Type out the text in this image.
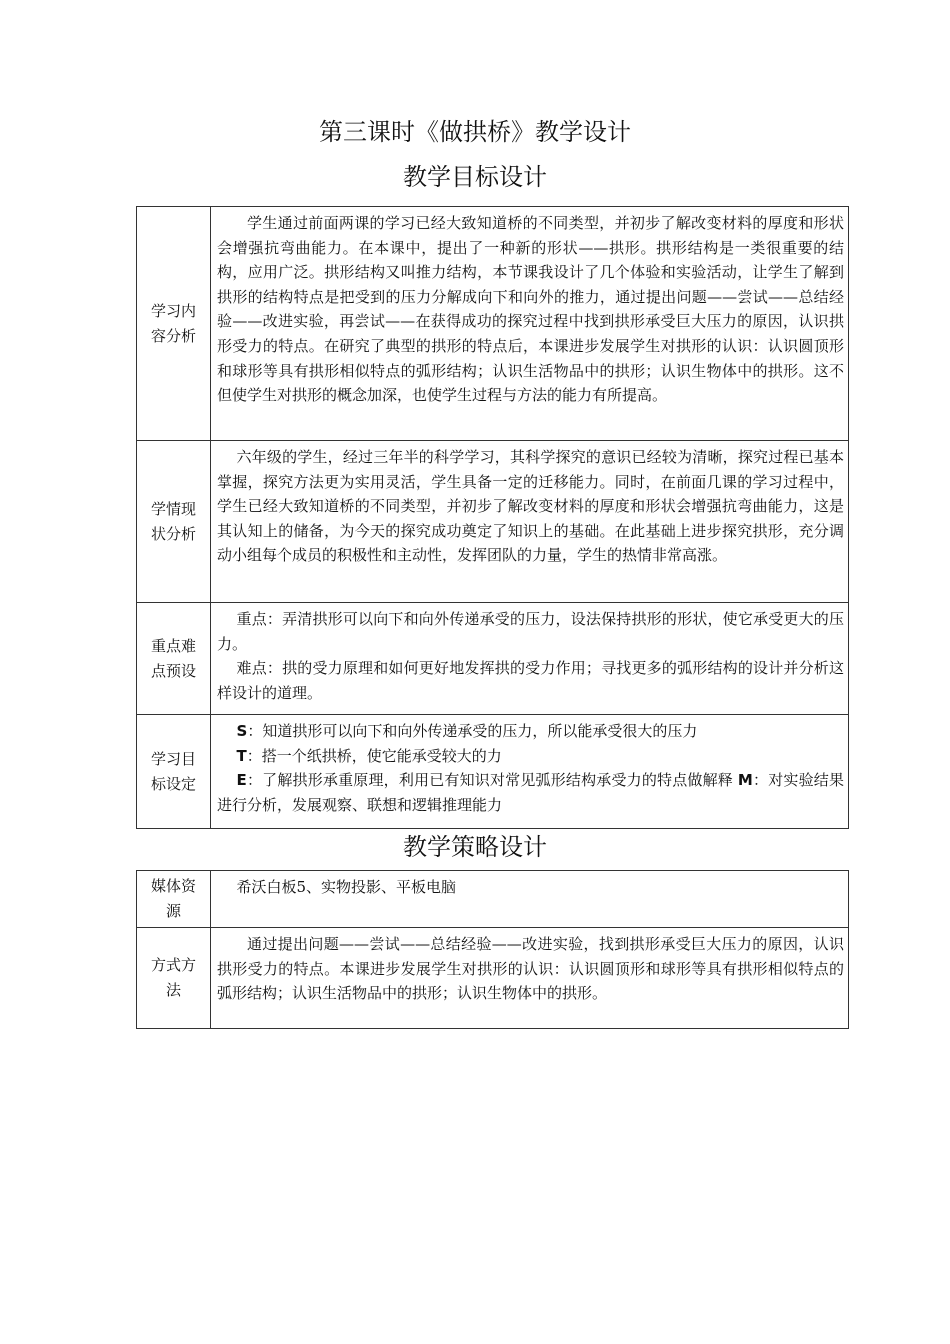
第三课时《做拱桥》教学设计
教学目标设计
学习内容分析	学生通过前面两课的学习已经大致知道桥的不同类型，并初步了解改变材料的厚度和形状会增强抗弯曲能力。在本课中，提出了一种新的形状——拱形。拱形结构是一类很重要的结构，应用广泛。拱形结构又叫推力结构，本节课我设计了几个体验和实验活动，让学生了解到拱形的结构特点是把受到的压力分解成向下和向外的推力，通过提出问题——尝试——总结经验——改进实验，再尝试——在获得成功的探究过程中找到拱形承受巨大压力的原因，认识拱形受力的特点。在研究了典型的拱形的特点后，本课进步发展学生对拱形的认识：认识圆顶形和球形等具有拱形相似特点的弧形结构；认识生活物品中的拱形；认识生物体中的拱形。这不但使学生对拱形的概念加深，也使学生过程与方法的能力有所提高。

学情现状分析	六年级的学生，经过三年半的科学学习，其科学探究的意识已经较为清晰，探究过程已基本掌握，探究方法更为实用灵活，学生具备一定的迁移能力。同时，在前面几课的学习过程中，学生已经大致知道桥的不同类型，并初步了解改变材料的厚度和形状会增强抗弯曲能力，这是其认知上的储备，为今天的探究成功奠定了知识上的基础。在此基础上进步探究拱形，充分调动小组每个成员的积极性和主动性，发挥团队的力量，学生的热情非常高涨。

重点难点预设	重点：弄清拱形可以向下和向外传递承受的压力，设法保持拱形的形状，使它承受更大的压力。

难点：拱的受力原理和如何更好地发挥拱的受力作用；寻找更多的弧形结构的设计并分析这样设计的道理。

学习目标设定	S：知道拱形可以向下和向外传递承受的压力，所以能承受很大的压力

T：搭一个纸拱桥，使它能承受较大的力

E：了解拱形承重原理，利用已有知识对常见弧形结构承受力的特点做解释 M：对实验结果进行分析，发展观察、联想和逻辑推理能力

教学策略设计
媒体资源	希沃白板5、实物投影、平板电脑

方式方法	通过提出问题——尝试——总结经验——改进实验，找到拱形承受巨大压力的原因，认识拱形受力的特点。本课进步发展学生对拱形的认识：认识圆顶形和球形等具有拱形相似特点的弧形结构；认识生活物品中的拱形；认识生物体中的拱形。
